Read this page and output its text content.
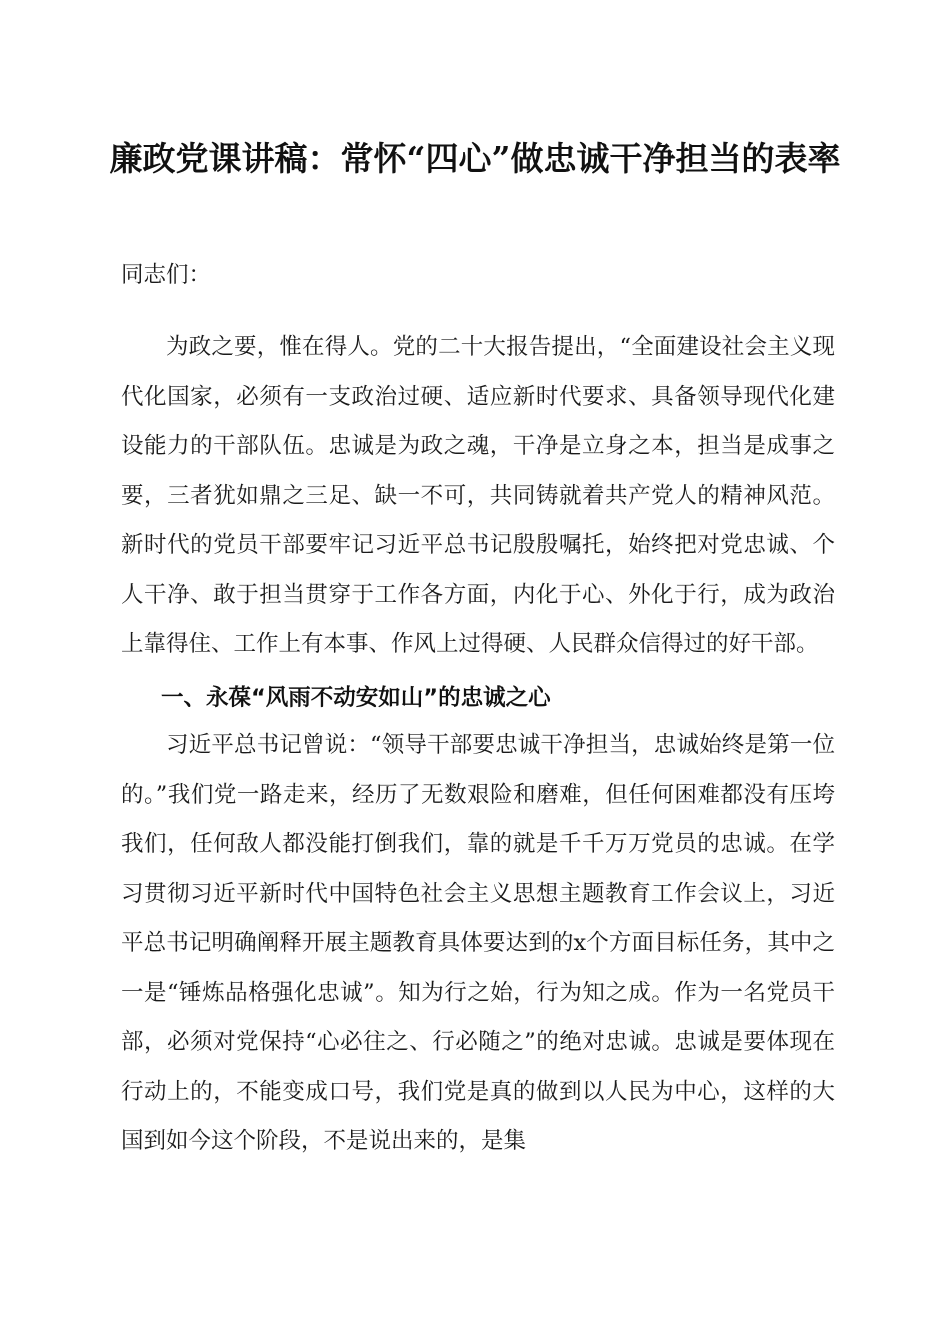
廉政党课讲稿：常怀“四心”做忠诚干净担当的表率

同志们：

为政之要，惟在得人。党的二十大报告提出，“全面建设社会主义现代化国家，必须有一支政治过硬、适应新时代要求、具备领导现代化建设能力的干部队伍。忠诚是为政之魂，干净是立身之本，担当是成事之要，三者犹如鼎之三足、缺一不可，共同铸就着共产党人的精神风范。新时代的党员干部要牢记习近平总书记殷殷嘱托，始终把对党忠诚、个人干净、敢于担当贯穿于工作各方面，内化于心、外化于行，成为政治上靠得住、工作上有本事、作风上过得硬、人民群众信得过的好干部。

一、永葆“风雨不动安如山”的忠诚之心

习近平总书记曾说：“领导干部要忠诚干净担当，忠诚始终是第一位的。”我们党一路走来，经历了无数艰险和磨难，但任何困难都没有压垮我们，任何敌人都没能打倒我们，靠的就是千千万万党员的忠诚。在学习贯彻习近平新时代中国特色社会主义思想主题教育工作会议上，习近平总书记明确阐释开展主题教育具体要达到的x个方面目标任务，其中之一是“锤炼品格强化忠诚”。知为行之始，行为知之成。作为一名党员干部，必须对党保持“心必往之、行必随之”的绝对忠诚。忠诚是要体现在行动上的，不能变成口号，我们党是真的做到以人民为中心，这样的大国到如今这个阶段，不是说出来的，是集
